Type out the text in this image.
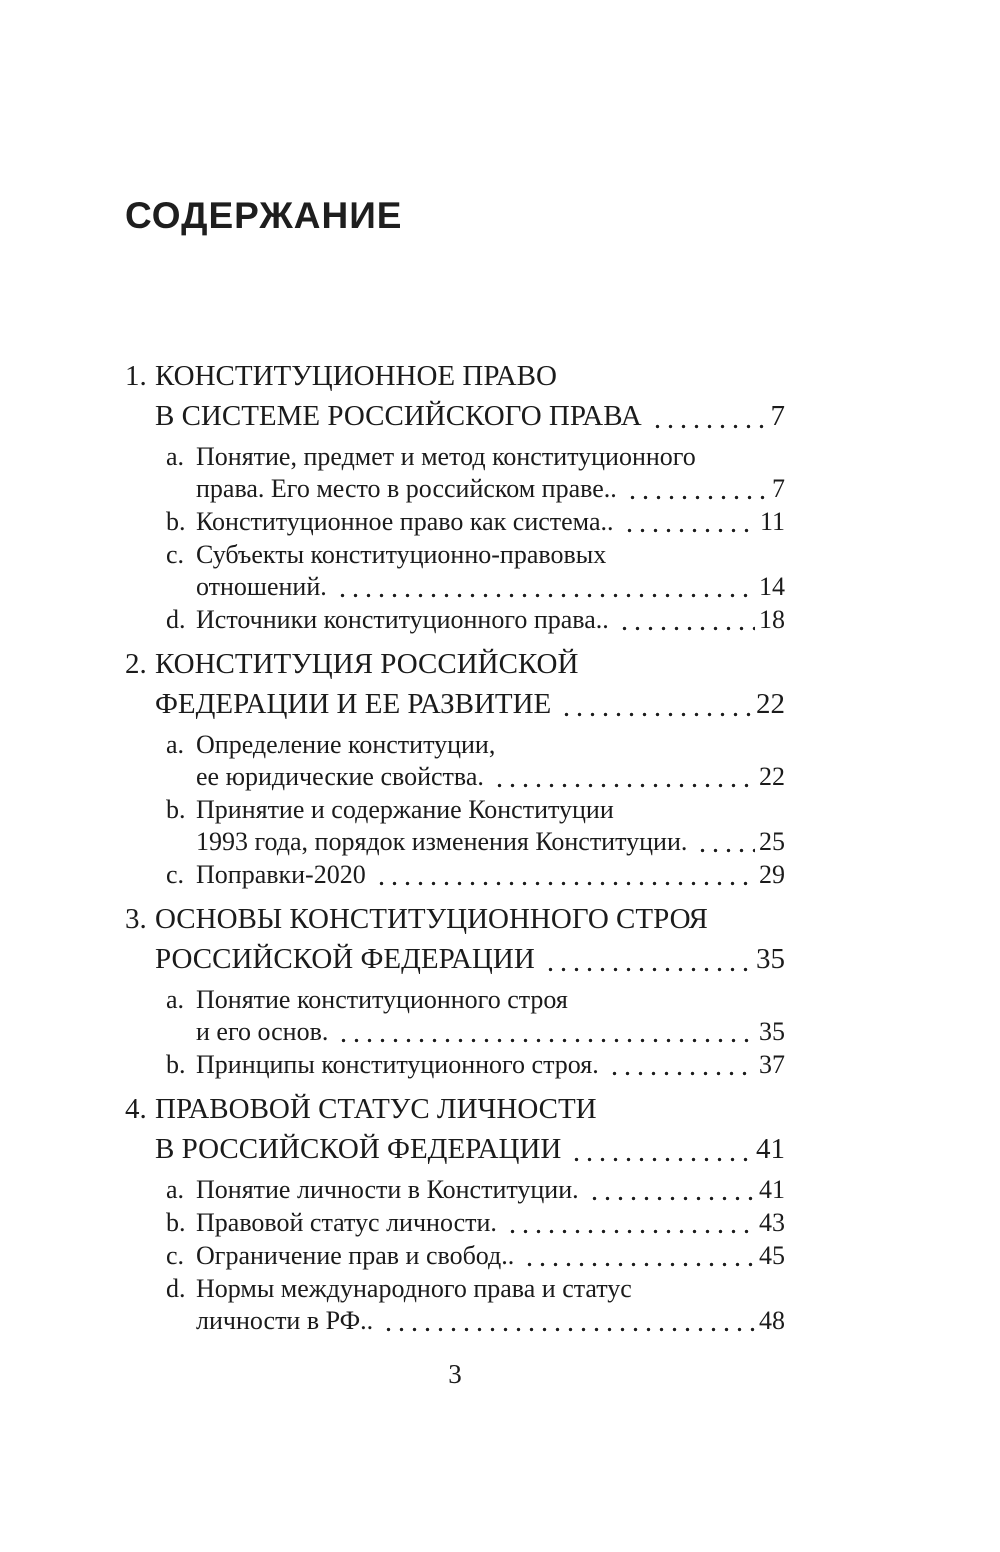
СОДЕРЖАНИЕ
1. КОНСТИТУЦИОННОЕ ПРАВО
В СИСТЕМЕ РОССИЙСКОГО ПРАВА	7
a. Понятие, предмет и метод конституционного
права. Его место в российском праве..	7
b. Конституционное право как система..	11
c. Субъекты конституционно-правовых
отношений.	14
d. Источники конституционного права..	18
2. КОНСТИТУЦИЯ РОССИЙСКОЙ
ФЕДЕРАЦИИ И ЕЕ РАЗВИТИЕ	22
a. Определение конституции,
ее юридические свойства.	22
b. Принятие и содержание Конституции
1993 года, порядок изменения Конституции.	25
c. Поправки-2020	29
3. ОСНОВЫ КОНСТИТУЦИОННОГО СТРОЯ
РОССИЙСКОЙ ФЕДЕРАЦИИ	35
a. Понятие конституционного строя
и его основ.	35
b. Принципы конституционного строя.	37
4. ПРАВОВОЙ СТАТУС ЛИЧНОСТИ
В РОССИЙСКОЙ ФЕДЕРАЦИИ	41
a. Понятие личности в Конституции.	41
b. Правовой статус личности.	43
c. Ограничение прав и свобод..	45
d. Нормы международного права и статус
личности в РФ..	48
3
